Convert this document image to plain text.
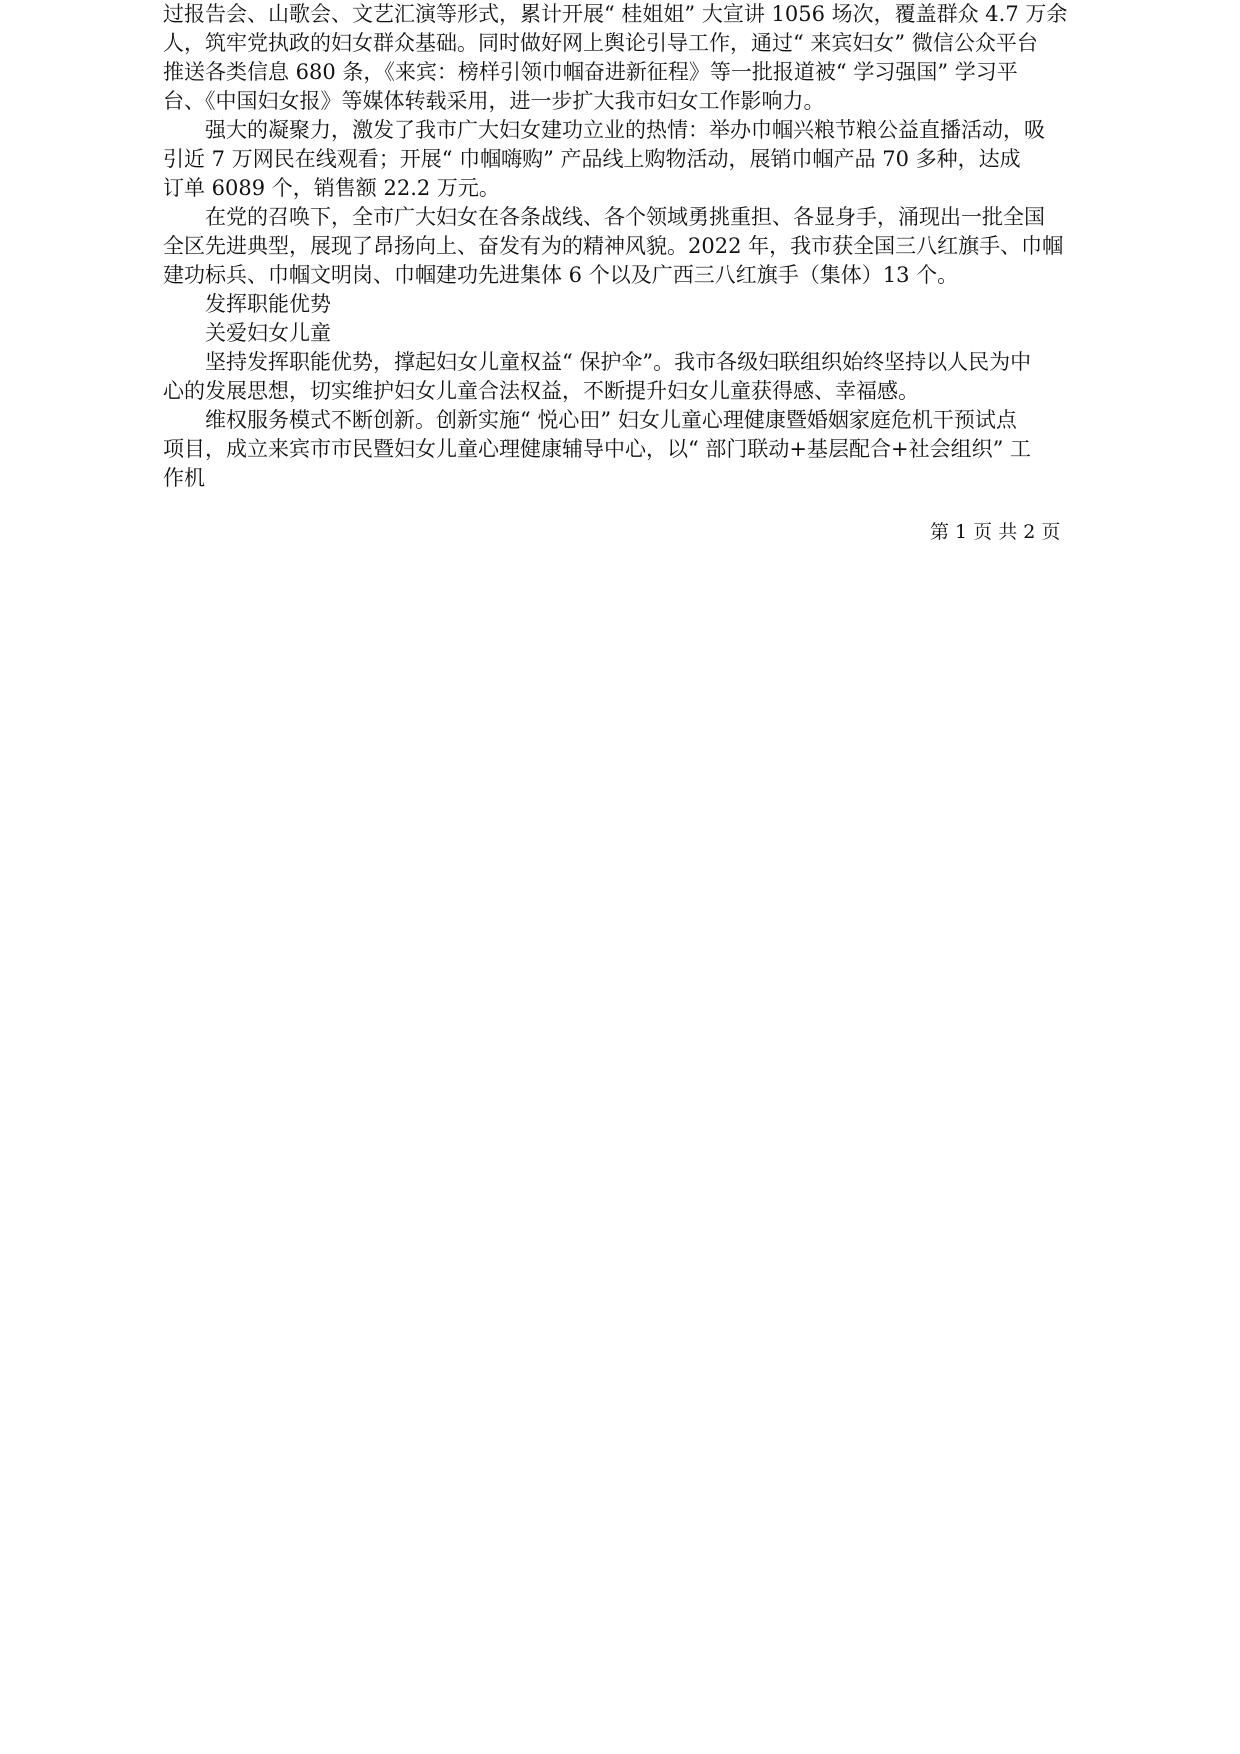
过报告会、山歌会、文艺汇演等形式，累计开展“ 桂姐姐” 大宣讲 1056 场次，覆盖群众 4.7 万余
人，筑牢党执政的妇女群众基础。同时做好网上舆论引导工作，通过“ 来宾妇女” 微信公众平台
推送各类信息 680 条，《来宾：榜样引领巾帼奋进新征程》等一批报道被“ 学习强国” 学习平
台、《中国妇女报》等媒体转载采用，进一步扩大我市妇女工作影响力。
强大的凝聚力，激发了我市广大妇女建功立业的热情：举办巾帼兴粮节粮公益直播活动，吸
引近 7 万网民在线观看；开展“ 巾帼嗨购” 产品线上购物活动，展销巾帼产品 70 多种，达成
订单 6089 个，销售额 22.2 万元。
在党的召唤下，全市广大妇女在各条战线、各个领域勇挑重担、各显身手，涌现出一批全国
全区先进典型，展现了昂扬向上、奋发有为的精神风貌。2022 年，我市获全国三八红旗手、巾帼
建功标兵、巾帼文明岗、巾帼建功先进集体 6 个以及广西三八红旗手（集体）13 个。
发挥职能优势
关爱妇女儿童
坚持发挥职能优势，撑起妇女儿童权益“ 保护伞”。我市各级妇联组织始终坚持以人民为中
心的发展思想，切实维护妇女儿童合法权益，不断提升妇女儿童获得感、幸福感。
维权服务模式不断创新。创新实施“ 悦心田” 妇女儿童心理健康暨婚姻家庭危机干预试点
项目，成立来宾市市民暨妇女儿童心理健康辅导中心，以“ 部门联动+基层配合+社会组织” 工
作机
第 1 页 共 2 页
